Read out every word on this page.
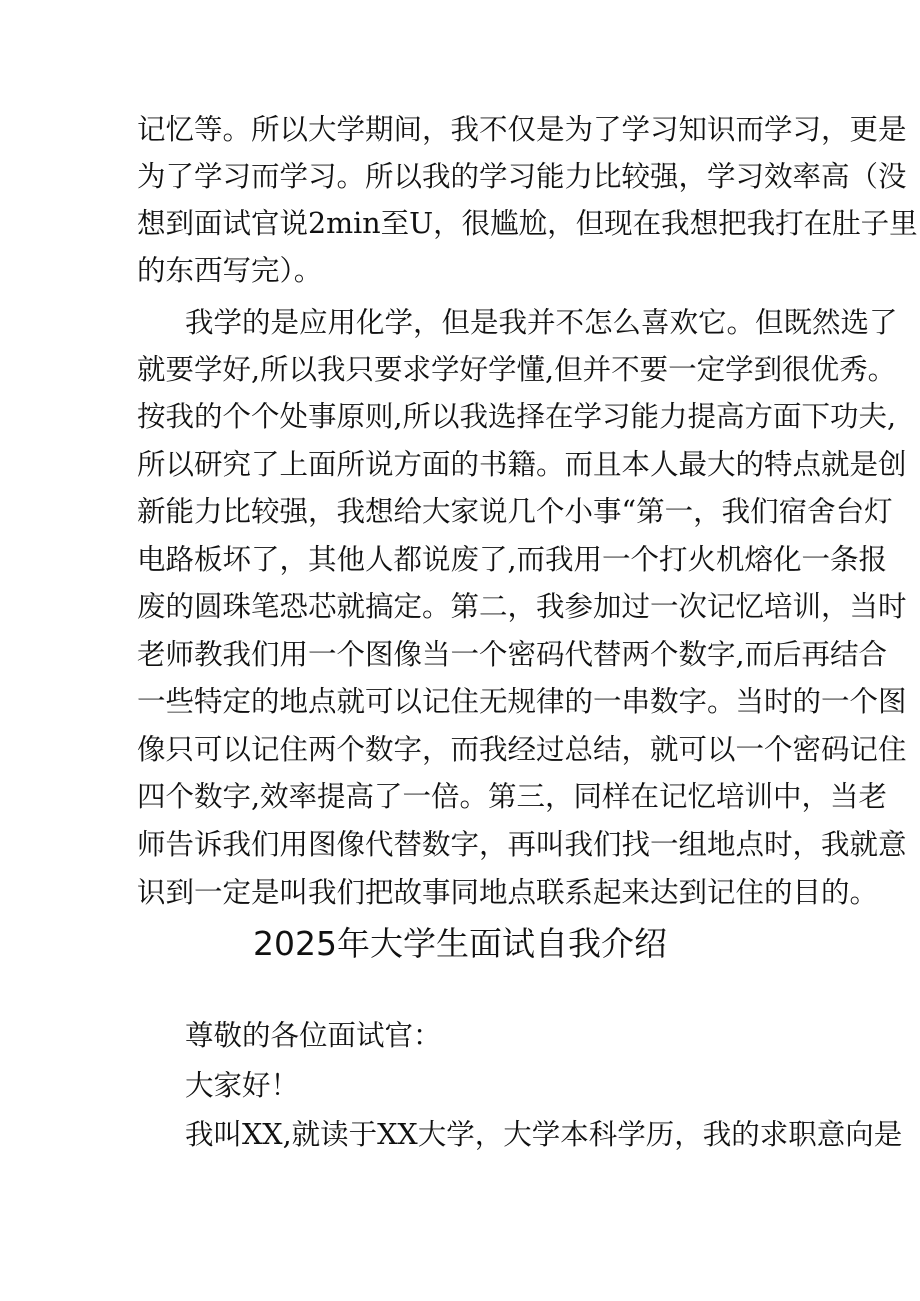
记忆等。所以大学期间，我不仅是为了学习知识而学习，更是
为了学习而学习。所以我的学习能力比较强，学习效率高（没
想到面试官说2min至U，很尴尬，但现在我想把我打在肚子里
的东西写完）。
我学的是应用化学，但是我并不怎么喜欢它。但既然选了
就要学好,所以我只要求学好学懂,但并不要一定学到很优秀。
按我的个个处事原则,所以我选择在学习能力提高方面下功夫,
所以研究了上面所说方面的书籍。而且本人最大的特点就是创
新能力比较强，我想给大家说几个小事“第一，我们宿舍台灯
电路板坏了，其他人都说废了,而我用一个打火机熔化一条报
废的圆珠笔恐芯就搞定。第二，我参加过一次记忆培训，当时
老师教我们用一个图像当一个密码代替两个数字,而后再结合
一些特定的地点就可以记住无规律的一串数字。当时的一个图
像只可以记住两个数字，而我经过总结，就可以一个密码记住
四个数字,效率提高了一倍。第三，同样在记忆培训中，当老
师告诉我们用图像代替数字，再叫我们找一组地点时，我就意
识到一定是叫我们把故事同地点联系起来达到记住的目的。
2025年大学生面试自我介绍
尊敬的各位面试官：
大家好！
我叫XX,就读于XX大学，大学本科学历，我的求职意向是
